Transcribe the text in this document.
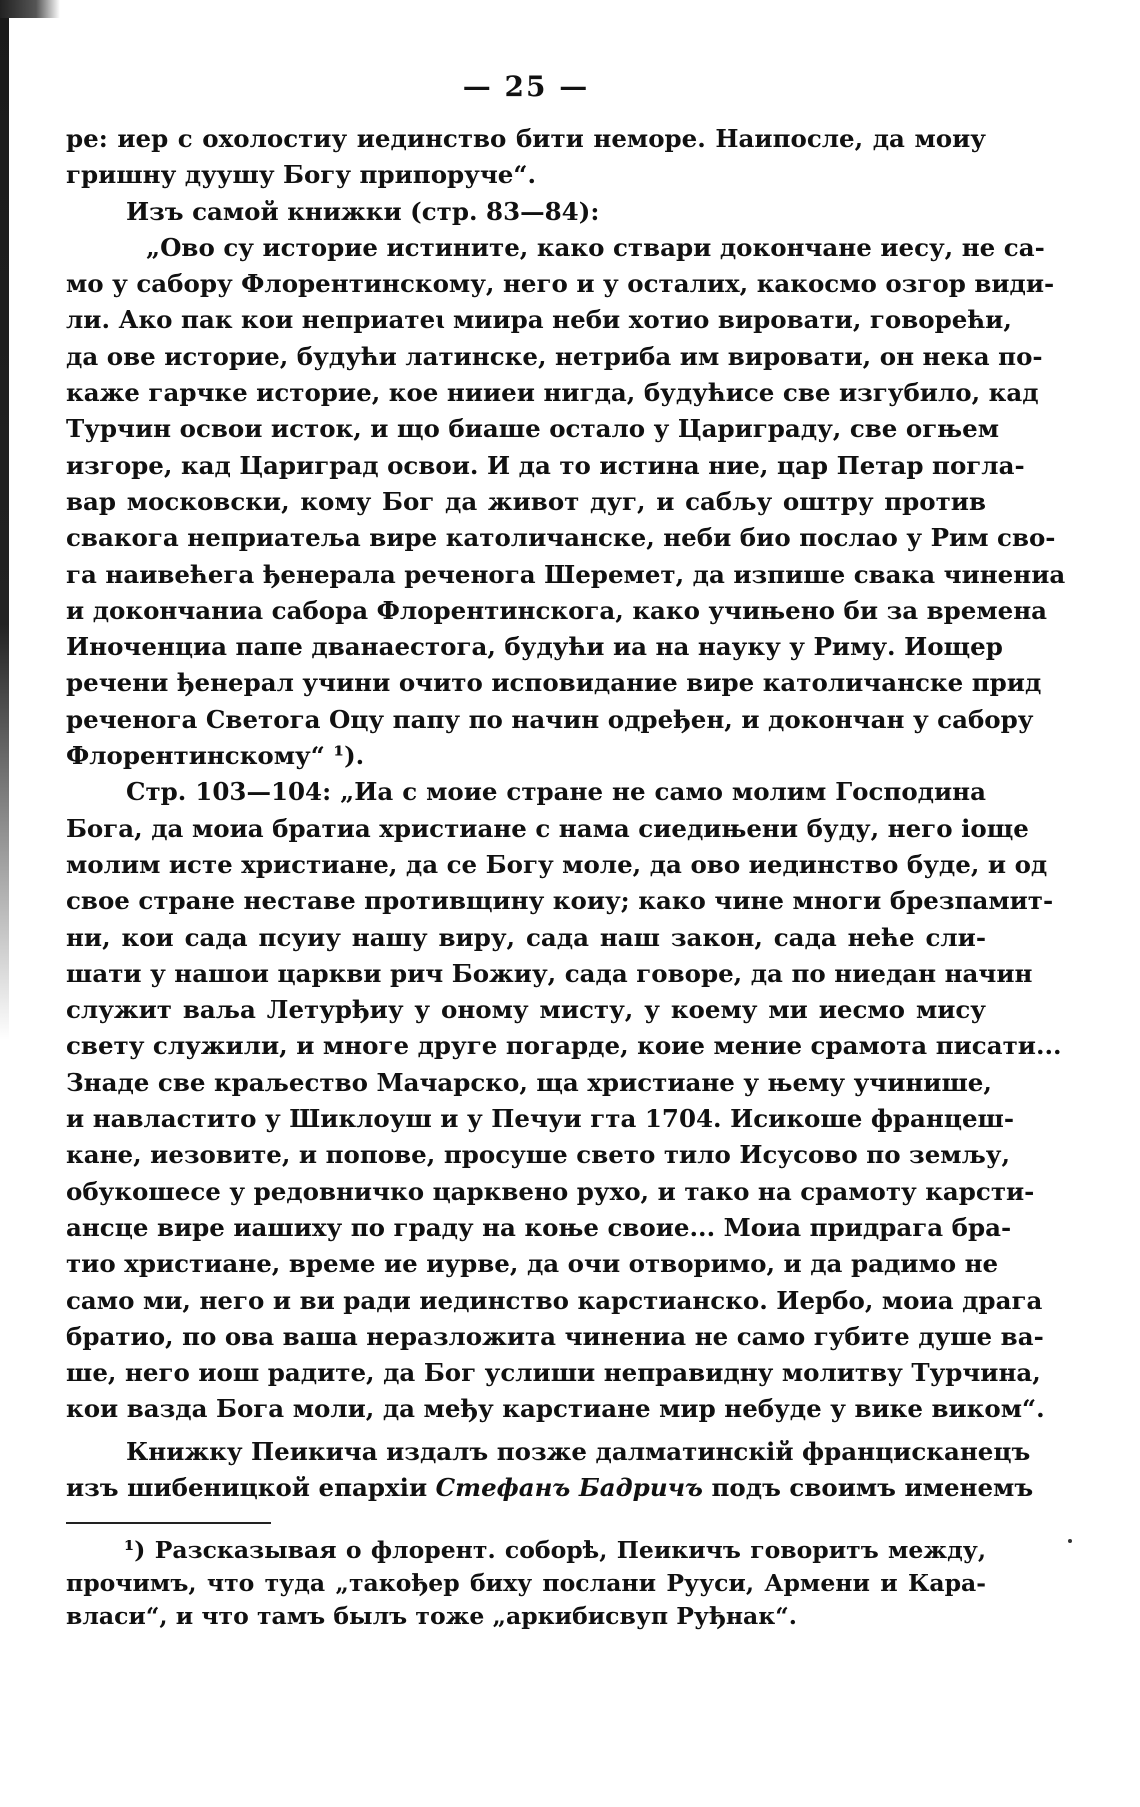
— 25 —
ре: иер с охолостиу иединство бити неморе. Наипосле, да моиу
гришну дуушу Богу припоруче“.
Изъ самой книжки (стр. 83—84):
„Ово су историе истините, како ствари докончане иесу, не са-
мо у сабору Флорентинскому, него и у осталих, какосмо озгор види-
ли. Ако пак кои неприатеꙇ миира неби хотио вировати, говорећи,
да ове историе, будући латинске, нетриба им вировати, он нека по-
каже гарчке историе, кое нииеи нигда, будућисе све изгубило, кад
Турчин освои исток, и що биаше остало у Цариграду, све огњем
изгоре, кад Цариград освои. И да то истина ние, цар Петар погла-
вар московски, кому Бог да живот дуг, и сабљу оштру против
свакога неприатеља вире католичанске, неби био послао у Рим сво-
га наивећега ђенерала реченога Шеремет, да изпише свака чинениа
и докончаниа сабора Флорентинскога, како учињено би за времена
Иноченциа папе дванаестога, будући иа на науку у Риму. Иощер
речени ђенерал учини очито исповидание вире католичанске прид
реченога Светога Оцу папу по начин одређен, и докончан у сабору
Флорентинскому“ ¹).
Стр. 103—104: „Иа с моие стране не само молим Господина
Бога, да моиа братиа христиане с нама сиедињени буду, него ioще
молим исте христиане, да се Богу моле, да ово иединство буде, и од
своe стране неставе противщину коиу; како чине многи брезпамит-
ни, кои сада псуиу нашу виру, сада наш закон, сада нећe сли-
шати у нашои царкви рич Божиу, сада говоре, да по ниедан начин
служит ваља Летурђиу у оному мисту, у коему ми иесмо мису
свету служили, и многе друге погарде, коие мение срамота писати...
Знаде све краљество Мачарско, ща христиане у њему учинише,
и навластито у Шиклоуш и у Печуи гта 1704. Исикоше францеш-
кане, иезовите, и попове, просуше свето тило Исусово по земљу,
обукошесе у редовничко царквено рухо, и тако на срамоту карсти-
ансце вире иашиху по граду на коње своие... Моиа придрага бра-
тио христиане, време ие иурве, да очи отворимо, и да радимо не
само ми, него и ви ради иединство карстианско. Иербо, моиа драга
братио, по ова ваша неразложита чинениа не само губите душе ва-
ше, него иош радите, да Бог услиши неправидну молитву Турчина,
кои вазда Бога моли, да међу карстиане мир небуде у вике виком“.
Книжку Пеикича издалъ позже далматинскій францисканецъ
изъ шибеницкой епархіи Стефанъ Бадричъ подъ своимъ именемъ
¹) Разсказывая о флорент. соборѣ, Пеикичъ говоритъ между,
прочимъ, что туда „такођер биху послани Рууси, Армени и Кара-
власи“, и что тамъ былъ тоже „аркибисвуп Руђнак“.
